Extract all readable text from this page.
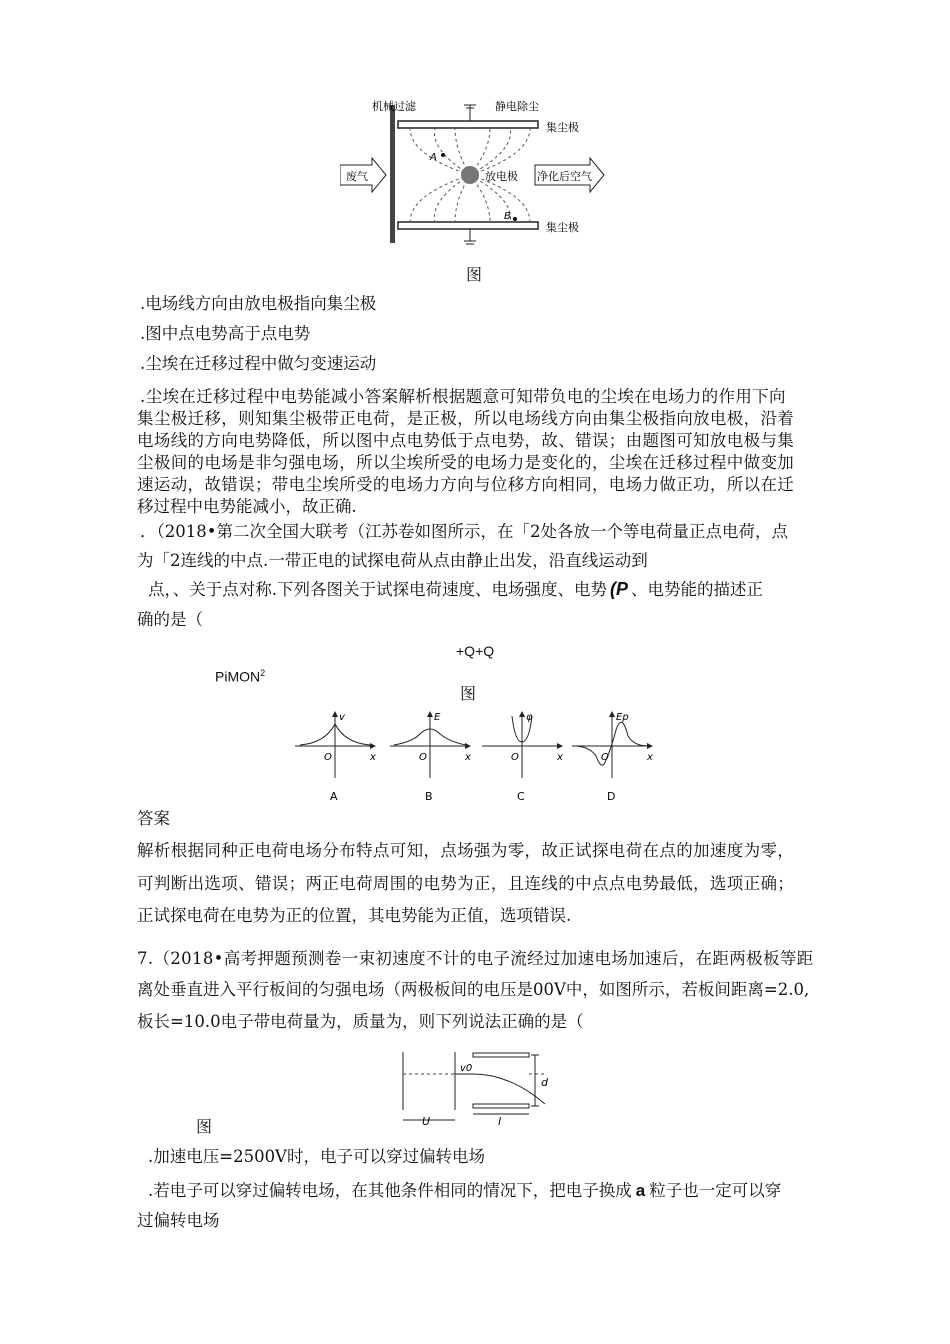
机械过滤	静电除尘
集尘极
集尘极
废气	放电极 净化后空气
A
B
图
.电场线方向由放电极指向集尘极
.图中点电势高于点电势
.尘埃在迁移过程中做匀变速运动
.尘埃在迁移过程中电势能减小答案解析根据题意可知带负电的尘埃在电场力的作用下向
集尘极迁移，则知集尘极带正电荷，是正极，所以电场线方向由集尘极指向放电极，沿着
电场线的方向电势降低，所以图中点电势低于点电势，故、错误；由题图可知放电极与集
尘极间的电场是非匀强电场，所以尘埃所受的电场力是变化的，尘埃在迁移过程中做变加
速运动，故错误；带电尘埃所受的电场力方向与位移方向相同，电场力做正功，所以在迁
移过程中电势能减小，故正确.
．（2018•第二次全国大联考（江苏卷如图所示，在「2处各放一个等电荷量正点电荷，点
为「2连线的中点.一带正电的试探电荷从点由静止出发，沿直线运动到
点，、关于点对称.下列各图关于试探电荷速度、电场强度、电势 (P 、电势能的描述正
确的是（
+Q+Q
PiMON$^2$
图
v
O	x
A
E
O	x
B
φ
O	x
C
Ep
O	x
D
答案
解析根据同种正电荷电场分布特点可知，点场强为零，故正试探电荷在点的加速度为零，
可判断出选项、错误；两正电荷周围的电势为正，且连线的中点点电势最低，选项正确；
正试探电荷在电势为正的位置，其电势能为正值，选项错误.
7.（2018•高考押题预测卷一束初速度不计的电子流经过加速电场加速后，在距两极板等距
离处垂直进入平行板间的匀强电场（两极板间的电压是00V中，如图所示，若板间距离=2.0,
板长=10.0电子带电荷量为，质量为，则下列说法正确的是（
v0
d
U	l
图
.加速电压=2500V时，电子可以穿过偏转电场
.若电子可以穿过偏转电场，在其他条件相同的情况下，把电子换成 a 粒子也一定可以穿
过偏转电场
